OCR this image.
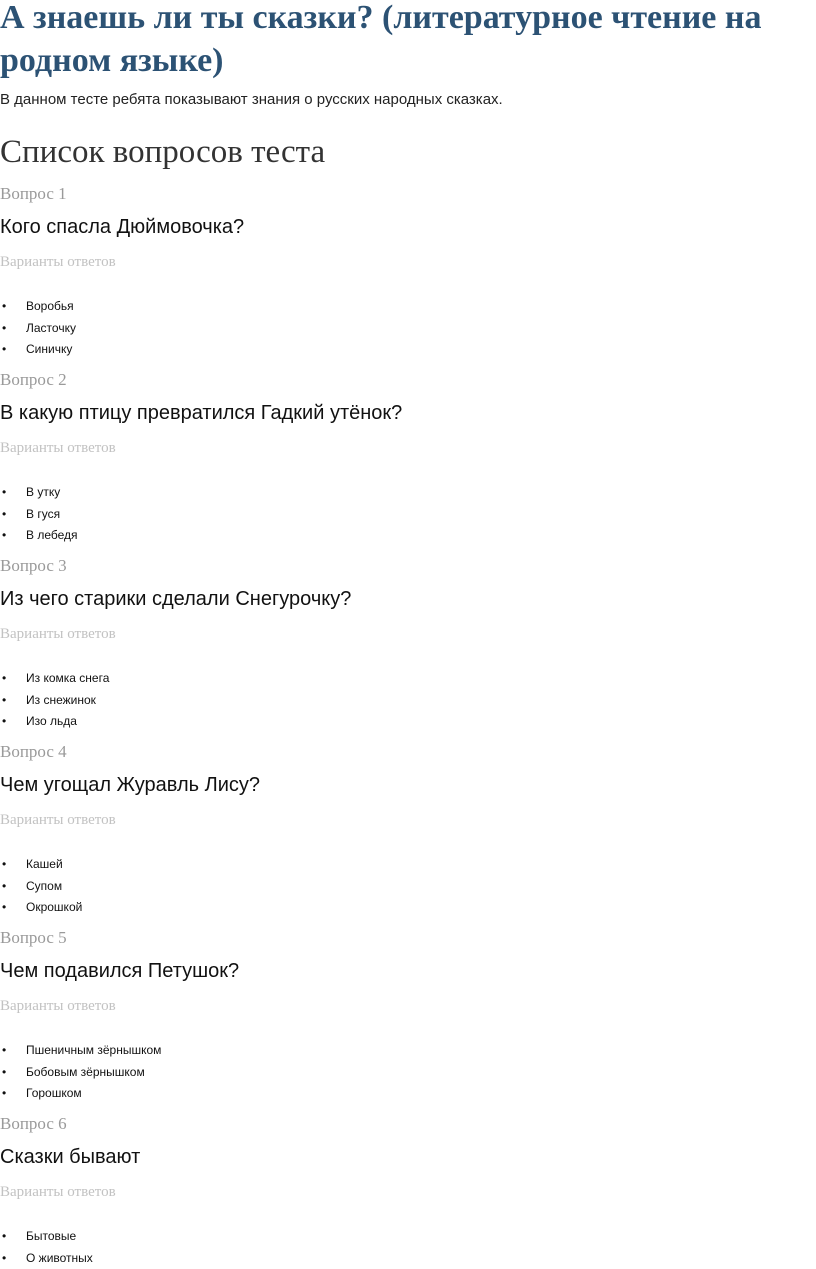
А знаешь ли ты сказки? (литературное чтение на родном языке)

В данном тесте ребята показывают знания о русских народных сказках.

Список вопросов теста

Вопрос 1

Кого спасла Дюймовочка?

Варианты ответов

• Воробья
• Ласточку
• Синичку

Вопрос 2

В какую птицу превратился Гадкий утёнок?

Варианты ответов

• В утку
• В гуся
• В лебедя

Вопрос 3

Из чего старики сделали Снегурочку?

Варианты ответов

• Из комка снега
• Из снежинок
• Изо льда

Вопрос 4

Чем угощал Журавль Лису?

Варианты ответов

• Кашей
• Супом
• Окрошкой

Вопрос 5

Чем подавился Петушок?

Варианты ответов

• Пшеничным зёрнышком
• Бобовым зёрнышком
• Горошком

Вопрос 6

Сказки бывают

Варианты ответов

• Бытовые
• О животных
